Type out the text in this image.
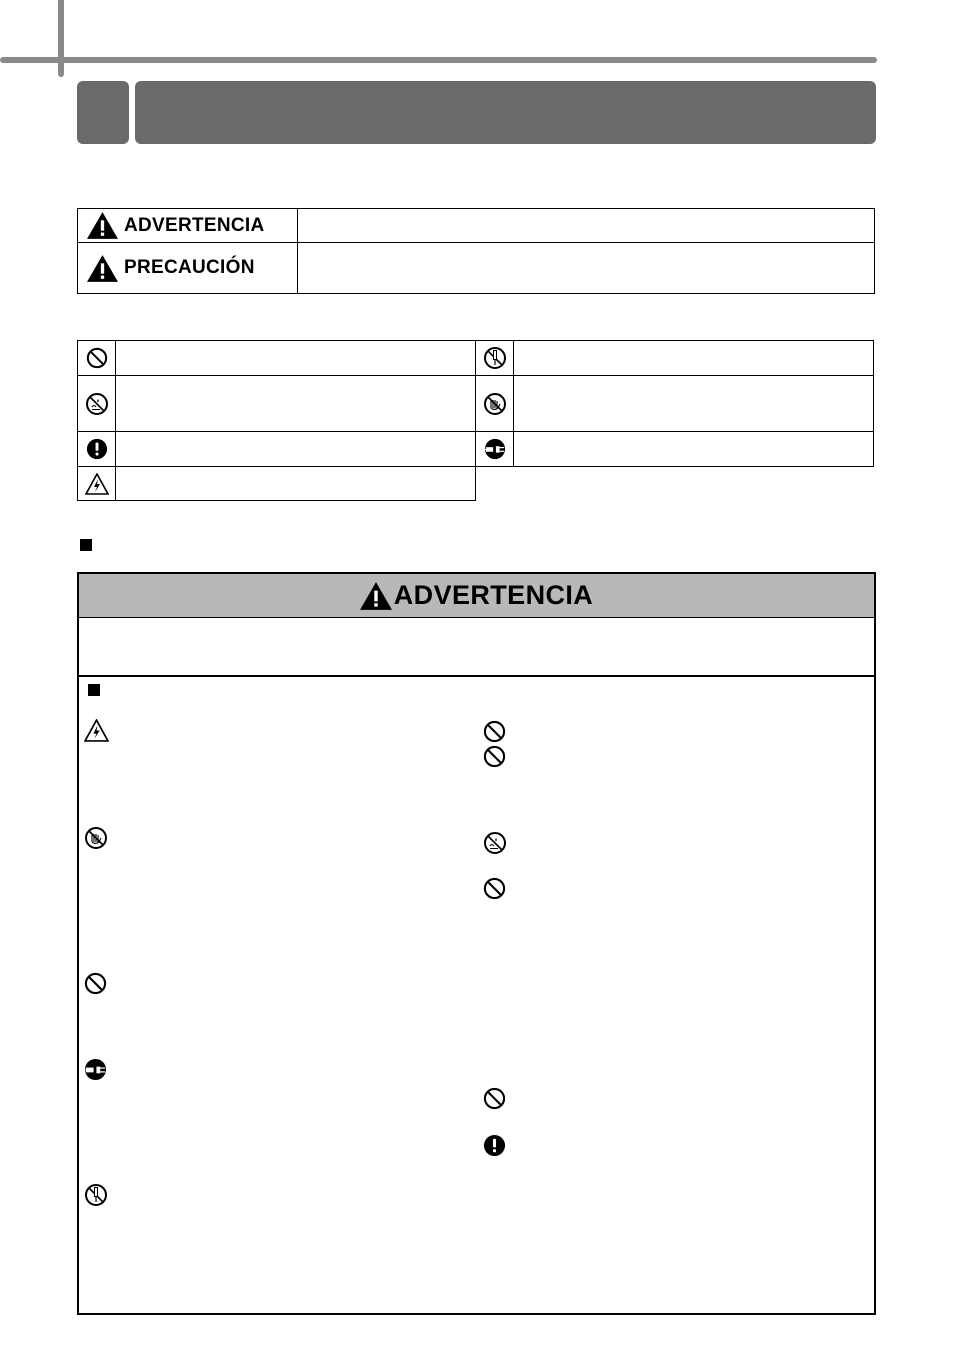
ADVERTENCIA	

PRECAUCIÓN	

ADVERTENCIA
